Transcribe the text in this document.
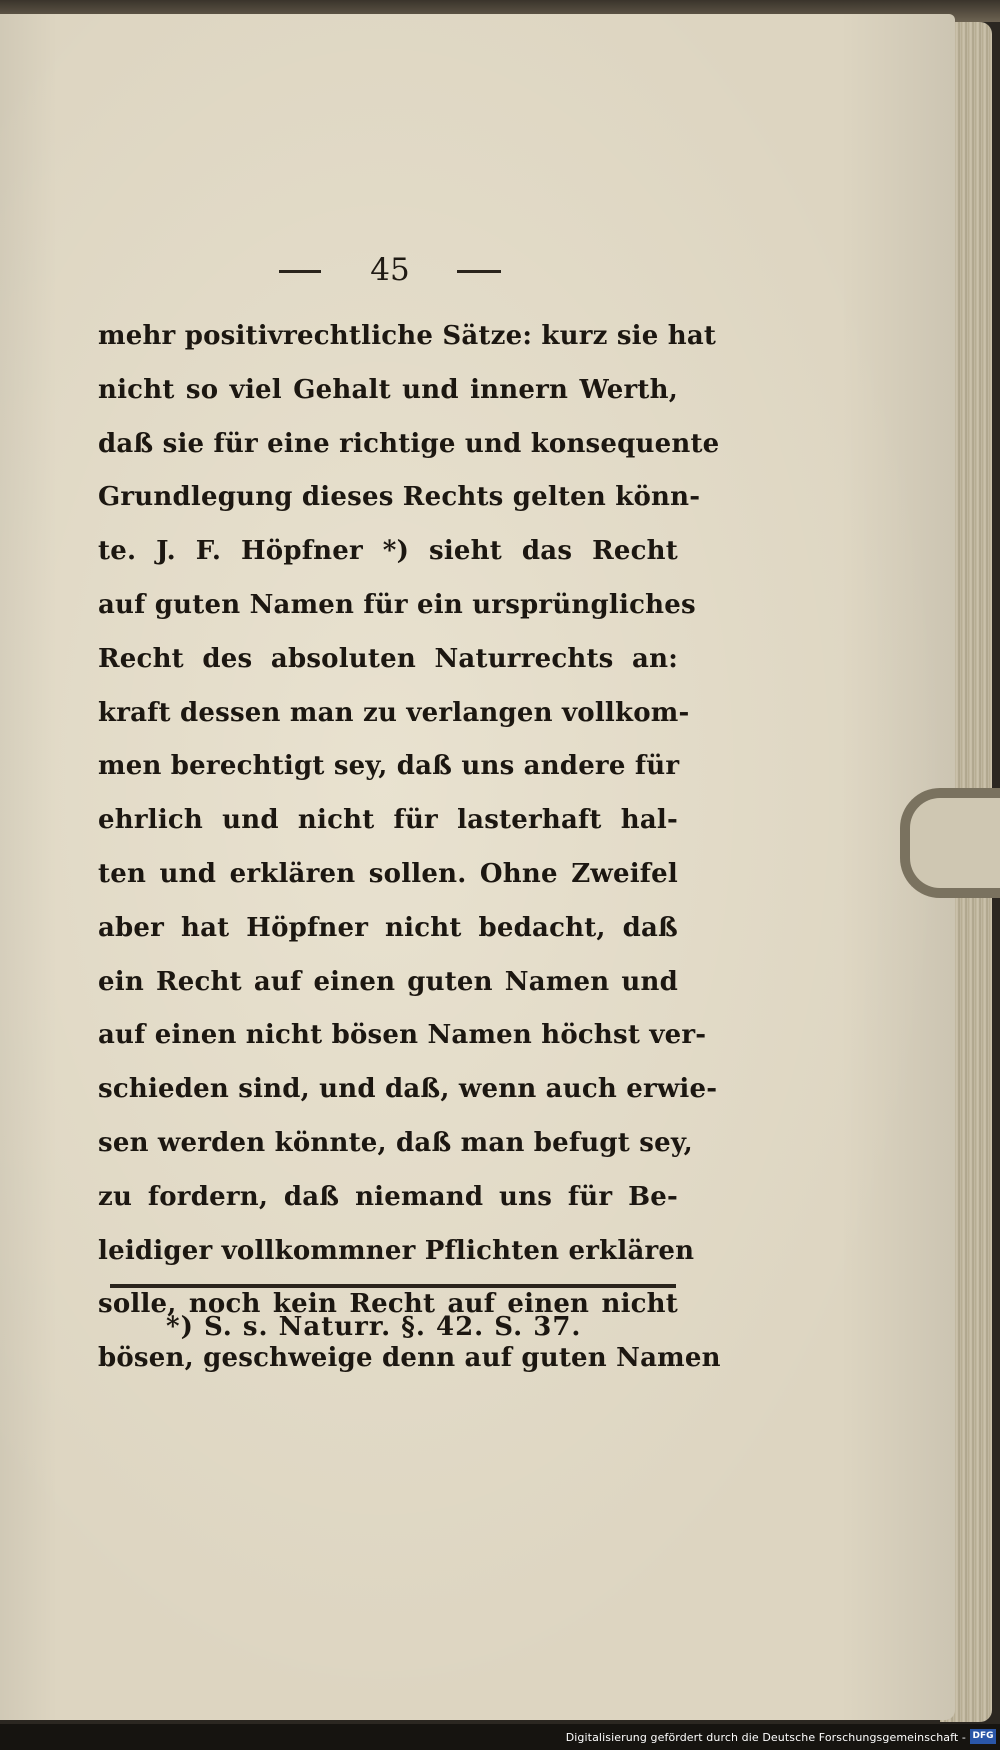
45
mehr positivrechtliche Sätze: kurz sie hat
nicht so viel Gehalt und innern Werth,
daß sie für eine richtige und konsequente
Grundlegung dieses Rechts gelten könn-
te. J. F. Höpfner *) sieht das Recht
auf guten Namen für ein ursprüngliches
Recht des absoluten Naturrechts an:
kraft dessen man zu verlangen vollkom-
men berechtigt sey, daß uns andere für
ehrlich und nicht für lasterhaft hal-
ten und erklären sollen. Ohne Zweifel
aber hat Höpfner nicht bedacht, daß
ein Recht auf einen guten Namen und
auf einen nicht bösen Namen höchst ver-
schieden sind, und daß, wenn auch erwie-
sen werden könnte, daß man befugt sey,
zu fordern, daß niemand uns für Be-
leidiger vollkommner Pflichten erklären
solle, noch kein Recht auf einen nicht
bösen, geschweige denn auf guten Namen
*) S. s. Naturr. §. 42. S. 37.
Digitalisierung gefördert durch die Deutsche Forschungsgemeinschaft - DFG
